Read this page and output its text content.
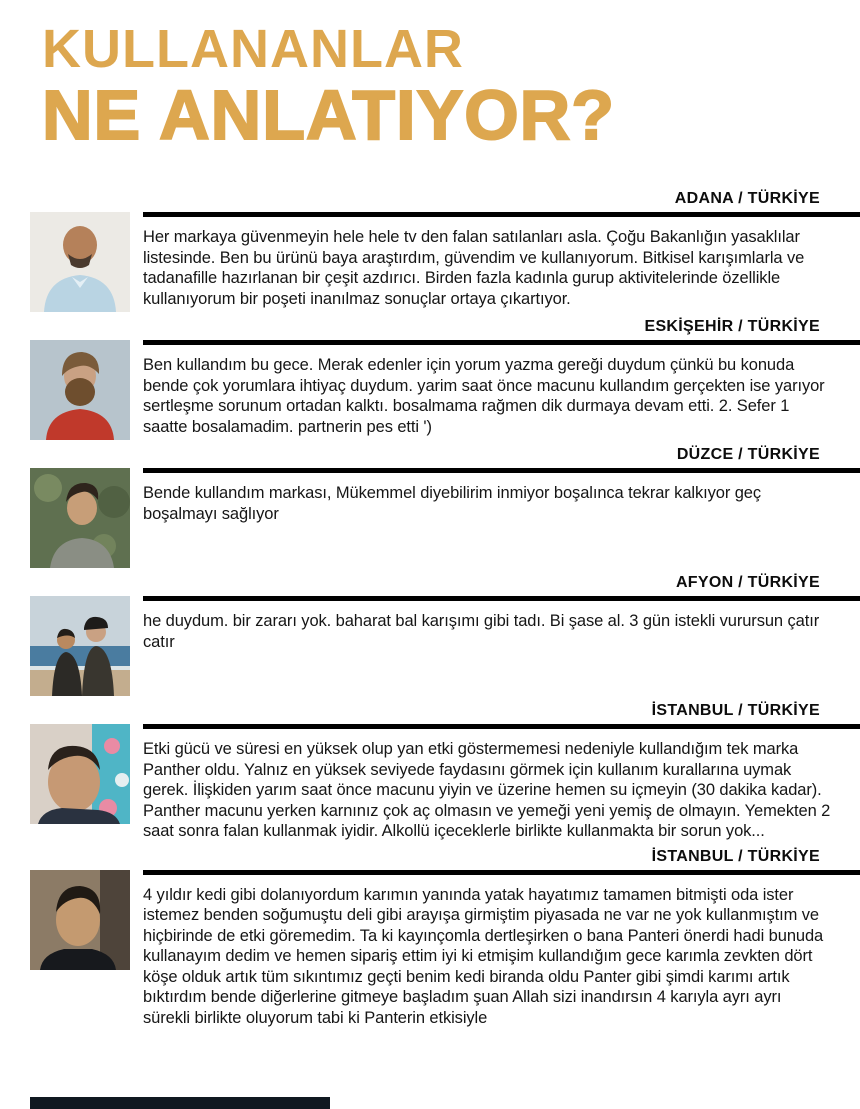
KULLANANLAR
NE ANLATIYOR?
ADANA / TÜRKİYE
Her markaya güvenmeyin hele hele tv den falan satılanları asla. Çoğu Bakanlığın yasaklılar listesinde. Ben bu ürünü baya araştırdım, güvendim ve kullanıyorum. Bitkisel karışımlarla ve tadanafille hazırlanan bir çeşit azdırıcı. Birden fazla kadınla gurup aktivitelerinde özellikle kullanıyorum bir poşeti inanılmaz sonuçlar ortaya çıkartıyor.
ESKİŞEHİR / TÜRKİYE
Ben kullandım bu gece. Merak edenler için yorum yazma gereği duydum çünkü bu konuda bende çok yorumlara ihtiyaç duydum. yarim saat önce macunu kullandım gerçekten ise yarıyor sertleşme sorunum ortadan kalktı. bosalmama rağmen dik durmaya devam etti. 2. Sefer 1 saatte bosalamadim. partnerin pes etti ')
DÜZCE / TÜRKİYE
Bende kullandım markası, Mükemmel diyebilirim inmiyor boşalınca tekrar kalkıyor geç boşalmayı sağlıyor
AFYON / TÜRKİYE
he duydum. bir zararı yok. baharat bal karışımı gibi tadı. Bi şase al. 3 gün istekli vurursun çatır catır
İSTANBUL / TÜRKİYE
Etki gücü ve süresi en yüksek olup yan etki göstermemesi nedeniyle kullandığım tek marka Panther oldu. Yalnız en yüksek seviyede faydasını görmek için kullanım kurallarına uymak gerek. İlişkiden yarım saat önce macunu yiyin ve üzerine hemen su içmeyin (30 dakika kadar). Panther macunu yerken karnınız çok aç olmasın ve yemeği yeni yemiş de olmayın. Yemekten 2 saat sonra falan kullanmak iyidir. Alkollü içeceklerle birlikte kullanmakta bir sorun yok...
İSTANBUL / TÜRKİYE
4 yıldır kedi gibi dolanıyordum karımın yanında yatak hayatımız tamamen bitmişti oda ister istemez benden soğumuştu deli gibi arayışa girmiştim piyasada ne var ne yok kullanmıştım ve hiçbirinde de etki göremedim. Ta ki kayınçomla dertleşirken o bana Panteri önerdi hadi bunuda kullanayım dedim ve hemen sipariş ettim iyi ki etmişim kullandığım gece karımla zevkten dört köşe olduk artık tüm sıkıntımız geçti benim kedi biranda oldu Panter gibi şimdi karımı artık bıktırdım bende diğerlerine gitmeye başladım şuan Allah sizi inandırsın 4 karıyla ayrı ayrı sürekli birlikte oluyorum tabi ki Panterin etkisiyle
